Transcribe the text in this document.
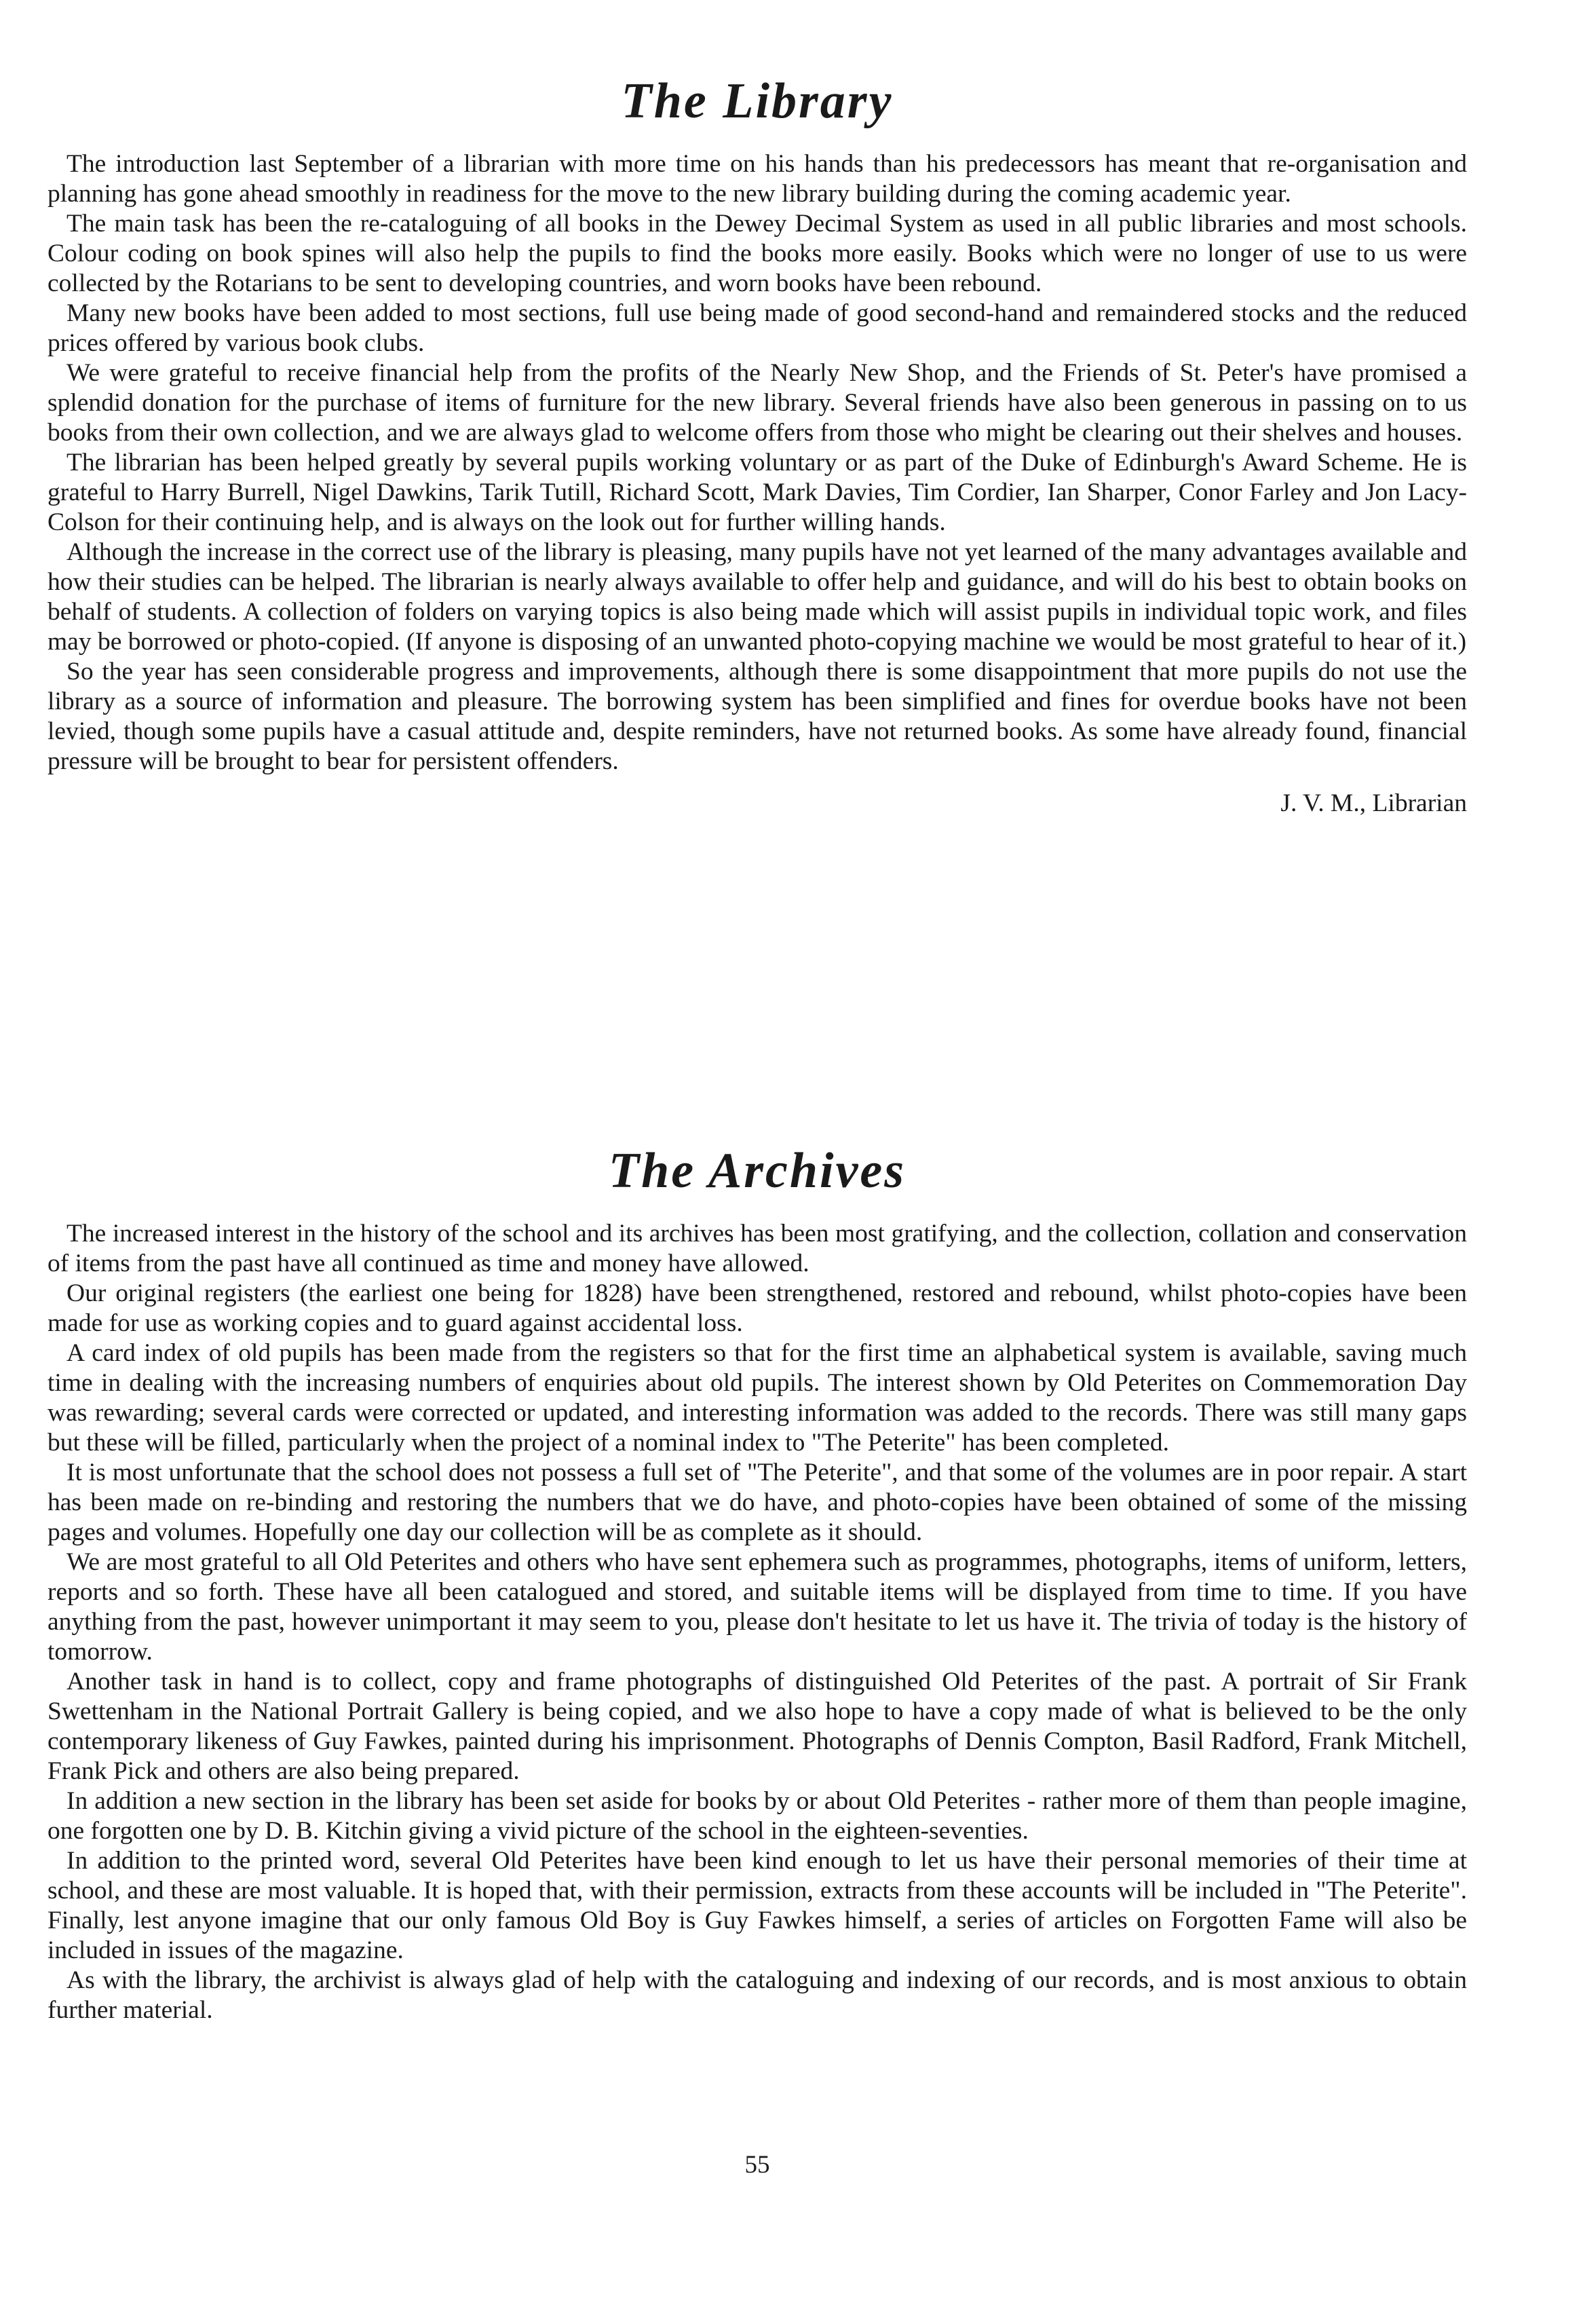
The Library

The introduction last September of a librarian with more time on his hands than his predecessors has meant that re-organisation and planning has gone ahead smoothly in readiness for the move to the new library building during the coming academic year.

The main task has been the re-cataloguing of all books in the Dewey Decimal System as used in all public libraries and most schools. Colour coding on book spines will also help the pupils to find the books more easily. Books which were no longer of use to us were collected by the Rotarians to be sent to developing countries, and worn books have been rebound.

Many new books have been added to most sections, full use being made of good second-hand and remaindered stocks and the reduced prices offered by various book clubs.

We were grateful to receive financial help from the profits of the Nearly New Shop, and the Friends of St. Peter's have promised a splendid donation for the purchase of items of furniture for the new library. Several friends have also been generous in passing on to us books from their own collection, and we are always glad to welcome offers from those who might be clearing out their shelves and houses.

The librarian has been helped greatly by several pupils working voluntary or as part of the Duke of Edinburgh's Award Scheme. He is grateful to Harry Burrell, Nigel Dawkins, Tarik Tutill, Richard Scott, Mark Davies, Tim Cordier, Ian Sharper, Conor Farley and Jon Lacy-Colson for their continuing help, and is always on the look out for further willing hands.

Although the increase in the correct use of the library is pleasing, many pupils have not yet learned of the many advantages available and how their studies can be helped. The librarian is nearly always available to offer help and guidance, and will do his best to obtain books on behalf of students. A collection of folders on varying topics is also being made which will assist pupils in individual topic work, and files may be borrowed or photo-copied. (If anyone is disposing of an unwanted photo-copying machine we would be most grateful to hear of it.)

So the year has seen considerable progress and improvements, although there is some disappointment that more pupils do not use the library as a source of information and pleasure. The borrowing system has been simplified and fines for overdue books have not been levied, though some pupils have a casual attitude and, despite reminders, have not returned books. As some have already found, financial pressure will be brought to bear for persistent offenders.

J. V. M., Librarian
The Archives

The increased interest in the history of the school and its archives has been most gratifying, and the collection, collation and conservation of items from the past have all continued as time and money have allowed.

Our original registers (the earliest one being for 1828) have been strengthened, restored and rebound, whilst photo-copies have been made for use as working copies and to guard against accidental loss.

A card index of old pupils has been made from the registers so that for the first time an alphabetical system is available, saving much time in dealing with the increasing numbers of enquiries about old pupils. The interest shown by Old Peterites on Commemoration Day was rewarding; several cards were corrected or updated, and interesting information was added to the records. There was still many gaps but these will be filled, particularly when the project of a nominal index to "The Peterite" has been completed.

It is most unfortunate that the school does not possess a full set of "The Peterite", and that some of the volumes are in poor repair. A start has been made on re-binding and restoring the numbers that we do have, and photo-copies have been obtained of some of the missing pages and volumes. Hopefully one day our collection will be as complete as it should.

We are most grateful to all Old Peterites and others who have sent ephemera such as programmes, photographs, items of uniform, letters, reports and so forth. These have all been catalogued and stored, and suitable items will be displayed from time to time. If you have anything from the past, however unimportant it may seem to you, please don't hesitate to let us have it. The trivia of today is the history of tomorrow.

Another task in hand is to collect, copy and frame photographs of distinguished Old Peterites of the past. A portrait of Sir Frank Swettenham in the National Portrait Gallery is being copied, and we also hope to have a copy made of what is believed to be the only contemporary likeness of Guy Fawkes, painted during his imprisonment. Photographs of Dennis Compton, Basil Radford, Frank Mitchell, Frank Pick and others are also being prepared.

In addition a new section in the library has been set aside for books by or about Old Peterites - rather more of them than people imagine, one forgotten one by D. B. Kitchin giving a vivid picture of the school in the eighteen-seventies.

In addition to the printed word, several Old Peterites have been kind enough to let us have their personal memories of their time at school, and these are most valuable. It is hoped that, with their permission, extracts from these accounts will be included in "The Peterite". Finally, lest anyone imagine that our only famous Old Boy is Guy Fawkes himself, a series of articles on Forgotten Fame will also be included in issues of the magazine.

As with the library, the archivist is always glad of help with the cataloguing and indexing of our records, and is most anxious to obtain further material.

55
